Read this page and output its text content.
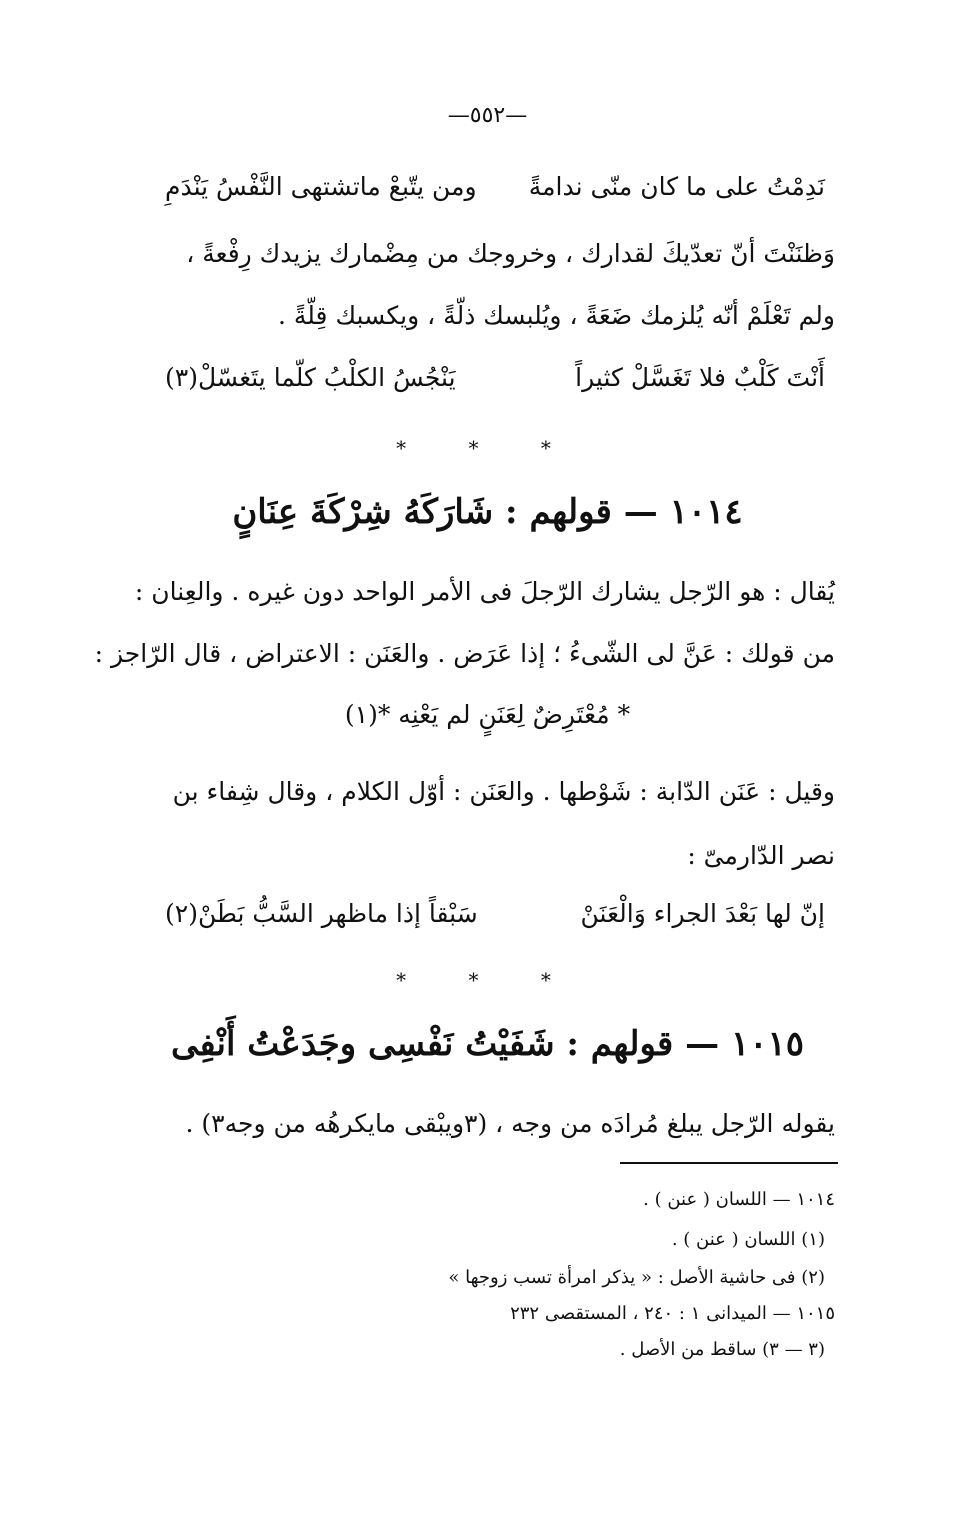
—٥٥٢—
نَدِمْتُ على ما كان منّى ندامةً
ومن يتّبعْ ماتشتهى النَّفْسُ يَنْدَمِ
وَظنَنْتَ أنّ تعدّيكَ لقدارك ، وخروجك من مِضْمارك يزيدك رِفْعةً ،
ولم تَعْلَمْ أنّه يُلزمك ضَعَةً ، ويُلبسك ذلّةً ، ويكسبك قِلّةً .
أَنْتَ كَلْبٌ فلا تَغَسَّلْ كثيراً
يَنْجُسُ الكلْبُ كلّما يتَغسّلْ(٣)
* * *
١٠١٤ — قولهم : شَارَكَهُ شِرْكَةَ عِنَانٍ
يُقال : هو الرّجل يشارك الرّجلَ فى الأمر الواحد دون غيره . والعِنان :
من قولك : عَنَّ لى الشّىءُ ؛ إذا عَرَض . والعَنَن : الاعتراض ، قال الرّاجز :
* مُعْتَرِضٌ لِعَنَنٍ لم يَعْنِه *(١)
وقيل : عَنَن الدّابة : شَوْطها . والعَنَن : أوّل الكلام ، وقال شِفاء بن
نصر الدّارمىّ :
إنّ لها بَعْدَ الجراء وَالْعَنَنْ
سَبْقاً إذا ماظهر السَّبُّ بَطَنْ(٢)
* * *
١٠١٥ — قولهم : شَفَيْتُ نَفْسِى وجَدَعْتُ أَنْفِى
يقوله الرّجل يبلغ مُرادَه من وجه ، (٣ويبْقى مايكرهُه من وجه٣) .
١٠١٤ — اللسان ( عنن ) .
(١) اللسان ( عنن ) .
(٢) فى حاشية الأصل : « يذكر امرأة تسب زوجها »
١٠١٥ — الميدانى ١ : ٢٤٠ ، المستقصى ٢٣٢
(٣ — ٣) ساقط من الأصل .
